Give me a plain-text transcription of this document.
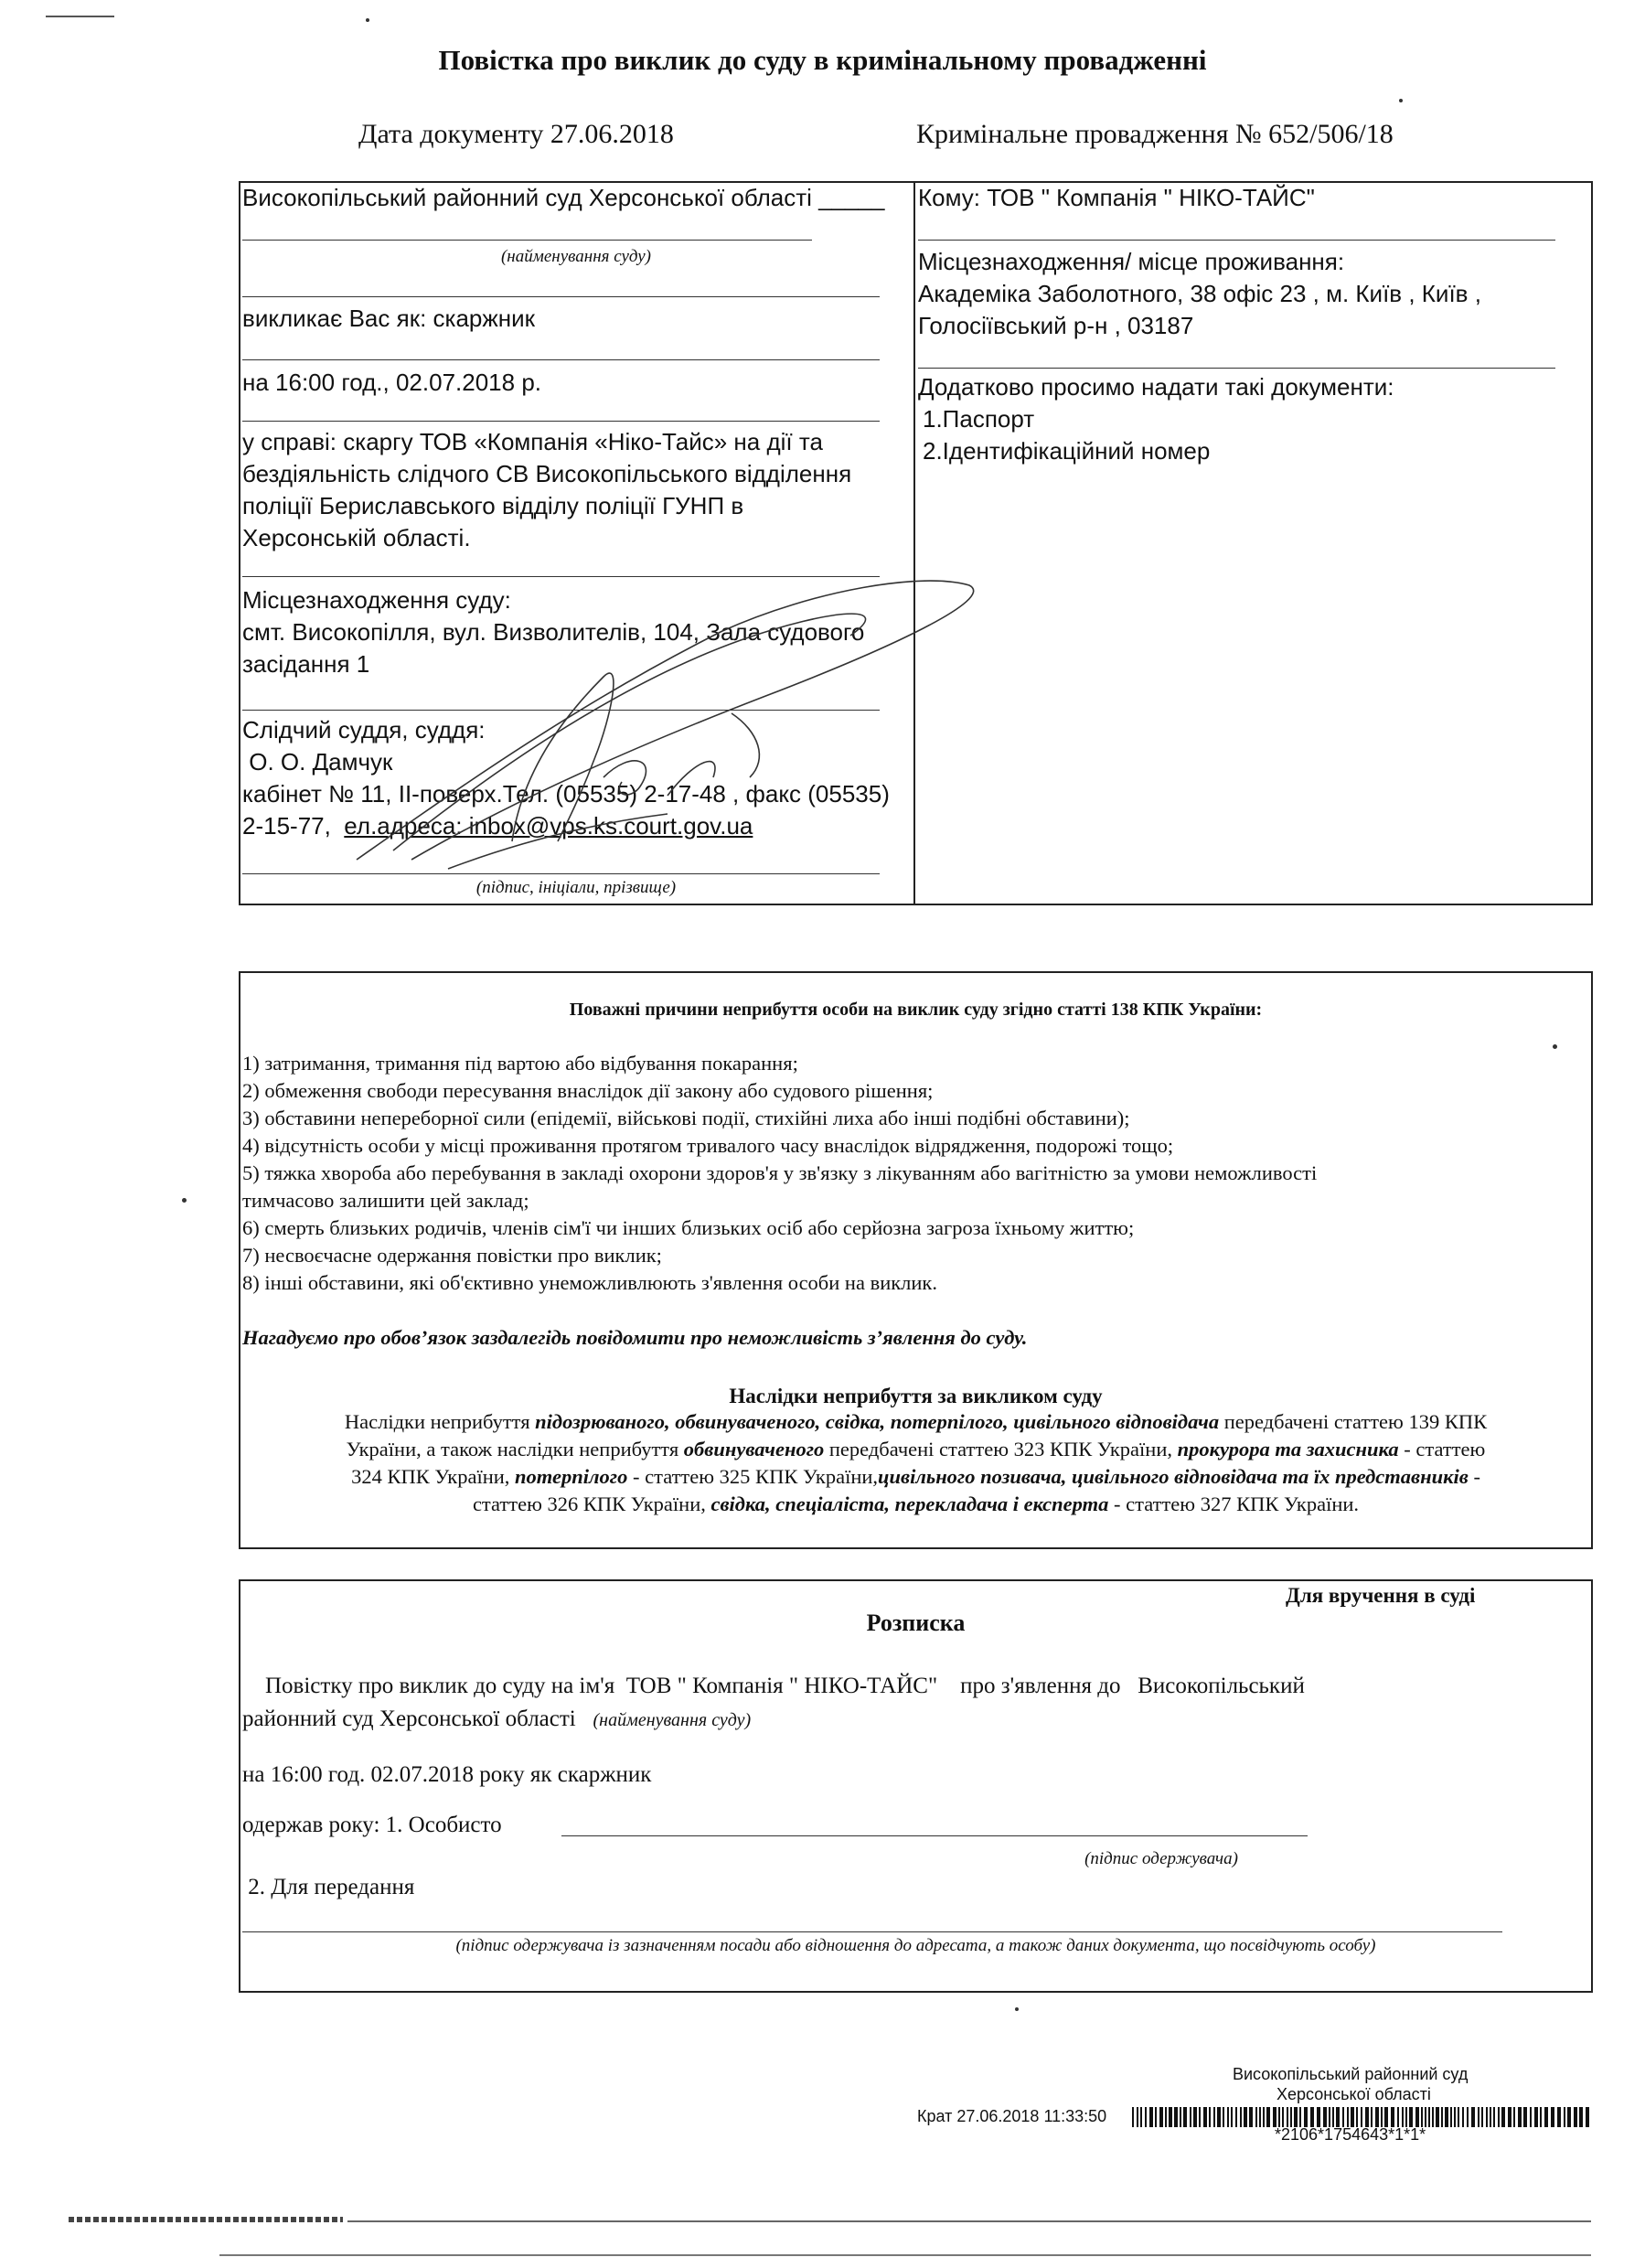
Повістка про виклик до суду в кримінальному провадженні
Дата документу 27.06.2018	Кримінальне провадження № 652/506/18
Високопільський районний суд Херсонської області _____
(найменування суду)
викликає Вас як: скаржник
на 16:00 год., 02.07.2018 р.
у справі: скаргу ТОВ «Компанія «Ніко-Тайс» на дії та
бездіяльність слідчого СВ Високопільського відділення
поліції Бериславського відділу поліції ГУНП в
Херсонській області.
Місцезнаходження суду:
смт. Високопілля, вул. Визволителів, 104, Зала судового
засідання 1
Слідчий суддя, суддя:
О. О. Дамчук
кабінет № 11, ІІ-поверх.Тел. (05535) 2-17-48 , факс (05535)
2-15-77,  ел.адреса: inbox@vps.ks.court.gov.ua
(підпис, ініціали, прізвище)
Кому: ТОВ " Компанія " НІКО-ТАЙС"
Місцезнаходження/ місце проживання:
Академіка Заболотного, 38 офіс 23 , м. Київ , Київ ,
Голосіївський р-н , 03187
Додатково просимо надати такі документи:
1.Паспорт
2.Ідентифікаційний номер
Поважні причини неприбуття особи на виклик суду згідно статті 138 КПК України:
1) затримання, тримання під вартою або відбування покарання;
2) обмеження свободи пересування внаслідок дії закону або судового рішення;
3) обставини непереборної сили (епідемії, військові події, стихійні лиха або інші подібні обставини);
4) відсутність особи у місці проживання протягом тривалого часу внаслідок відрядження, подорожі тощо;
5) тяжка хвороба або перебування в закладі охорони здоров'я у зв'язку з лікуванням або вагітністю за умови неможливості
тимчасово залишити цей заклад;
6) смерть близьких родичів, членів сім'ї чи інших близьких осіб або серйозна загроза їхньому життю;
7) несвоєчасне одержання повістки про виклик;
8) інші обставини, які об'єктивно унеможливлюють з'явлення особи на виклик.
Нагадуємо про обов’язок заздалегідь повідомити про неможливість з’явлення до суду.
Наслідки неприбуття за викликом суду
Наслідки неприбуття підозрюваного, обвинуваченого, свідка, потерпілого, цивільного відповідача передбачені статтею 139 КПК
України, а також наслідки неприбуття обвинуваченого передбачені статтею 323 КПК України, прокурора та захисника - статтею
324 КПК України, потерпілого - статтею 325 КПК України,цивільного позивача, цивільного відповідача та їх представників -
статтею 326 КПК України, свідка, спеціаліста, перекладача і експерта - статтею 327 КПК України.
Для вручення в суді
Розписка
Повістку про виклик до суду на ім'я  ТОВ " Компанія " НІКО-ТАЙС"    про з'явлення до   Високопільський
районний суд Херсонської області   (найменування суду)
на 16:00 год. 02.07.2018 року як скаржник
одержав року: 1. Особисто
(підпис одержувача)
2. Для передання
(підпис одержувача із зазначенням посади або відношення до адресата, а також даних документа, що посвідчують особу)
Високопільський районний суд
Херсонської області
Крат 27.06.2018 11:33:50
*2106*1754643*1*1*
